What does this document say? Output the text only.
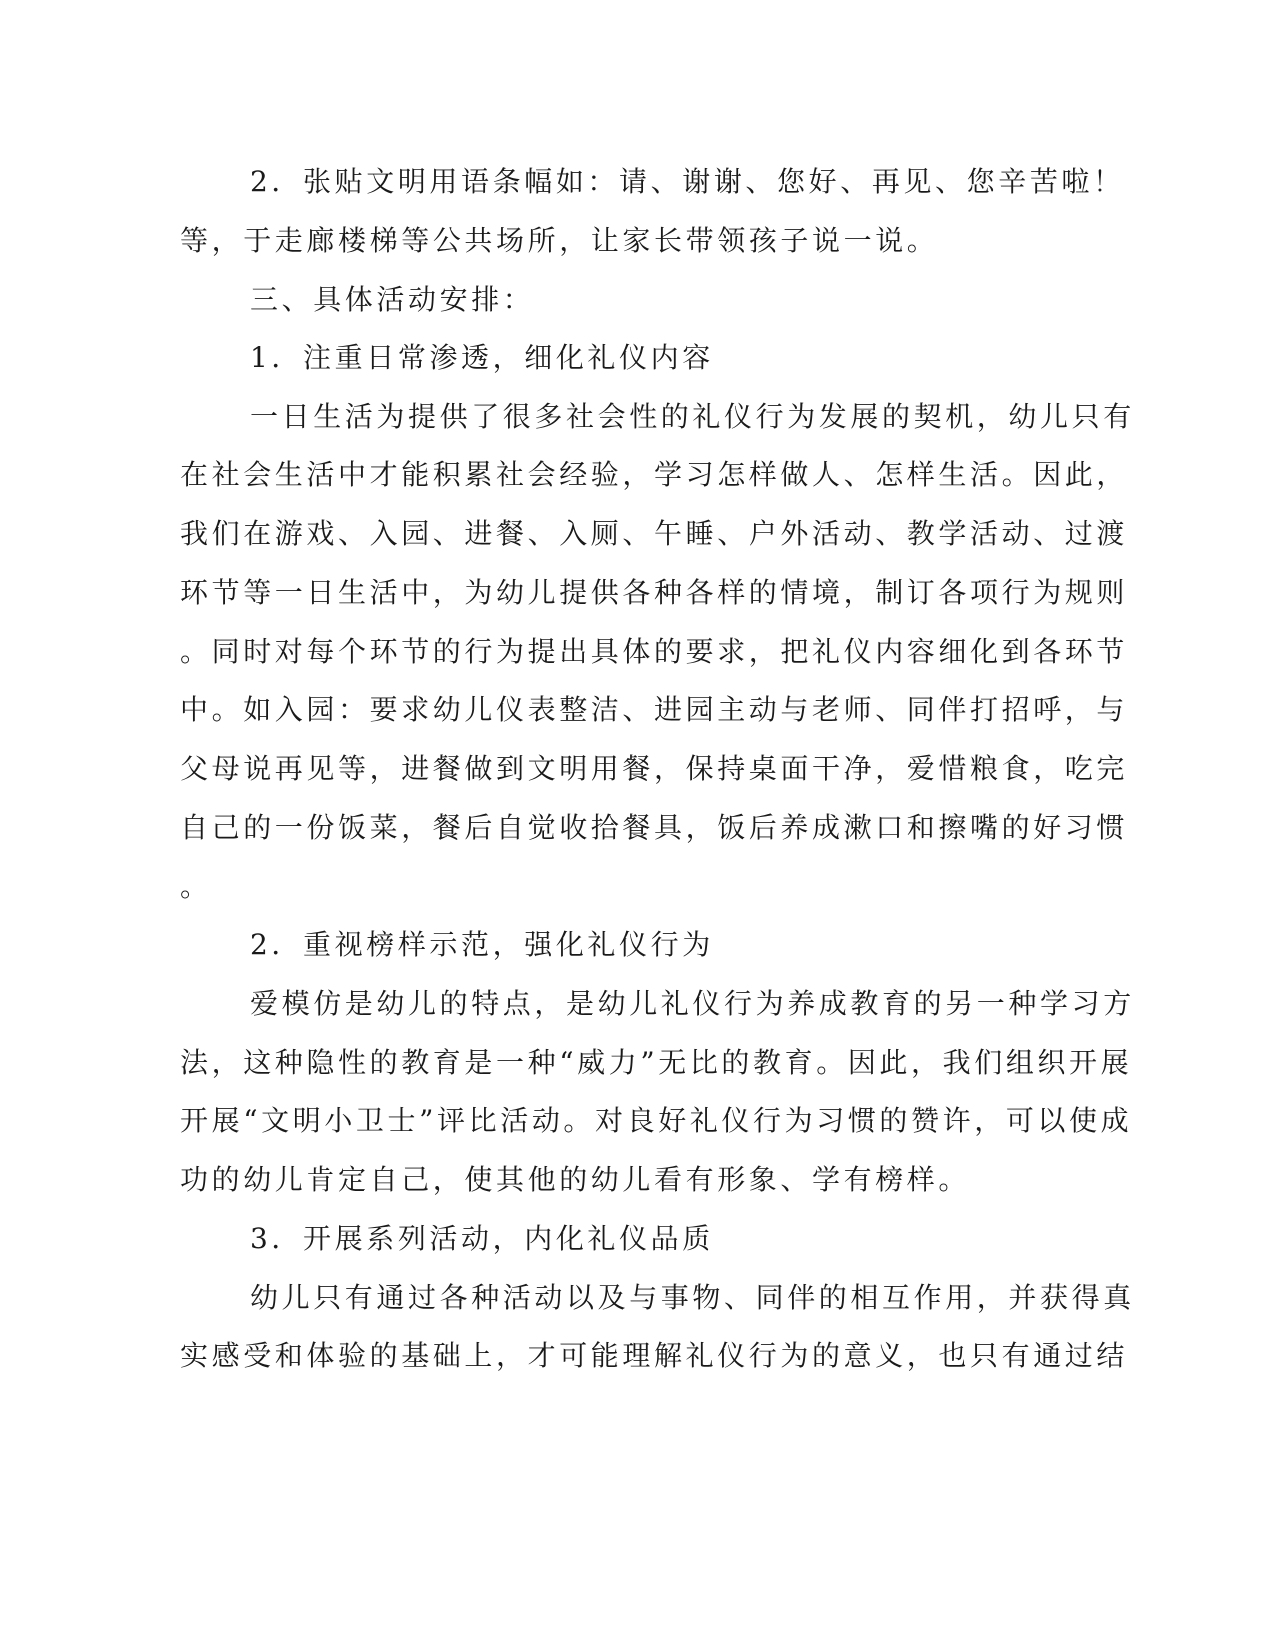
2．张贴文明用语条幅如：请、谢谢、您好、再见、您辛苦啦！

等，于走廊楼梯等公共场所，让家长带领孩子说一说。

三、具体活动安排：

1．注重日常渗透，细化礼仪内容

一日生活为提供了很多社会性的礼仪行为发展的契机，幼儿只有

在社会生活中才能积累社会经验，学习怎样做人、怎样生活。因此，

我们在游戏、入园、进餐、入厕、午睡、户外活动、教学活动、过渡

环节等一日生活中，为幼儿提供各种各样的情境，制订各项行为规则

。同时对每个环节的行为提出具体的要求，把礼仪内容细化到各环节

中。如入园：要求幼儿仪表整洁、进园主动与老师、同伴打招呼，与

父母说再见等，进餐做到文明用餐，保持桌面干净，爱惜粮食，吃完

自己的一份饭菜，餐后自觉收拾餐具，饭后养成漱口和擦嘴的好习惯

。

2．重视榜样示范，强化礼仪行为

爱模仿是幼儿的特点，是幼儿礼仪行为养成教育的另一种学习方

法，这种隐性的教育是一种“威力”无比的教育。因此，我们组织开展

开展“文明小卫士”评比活动。对良好礼仪行为习惯的赞许，可以使成

功的幼儿肯定自己，使其他的幼儿看有形象、学有榜样。

3．开展系列活动，内化礼仪品质

幼儿只有通过各种活动以及与事物、同伴的相互作用，并获得真

实感受和体验的基础上，才可能理解礼仪行为的意义，也只有通过结
